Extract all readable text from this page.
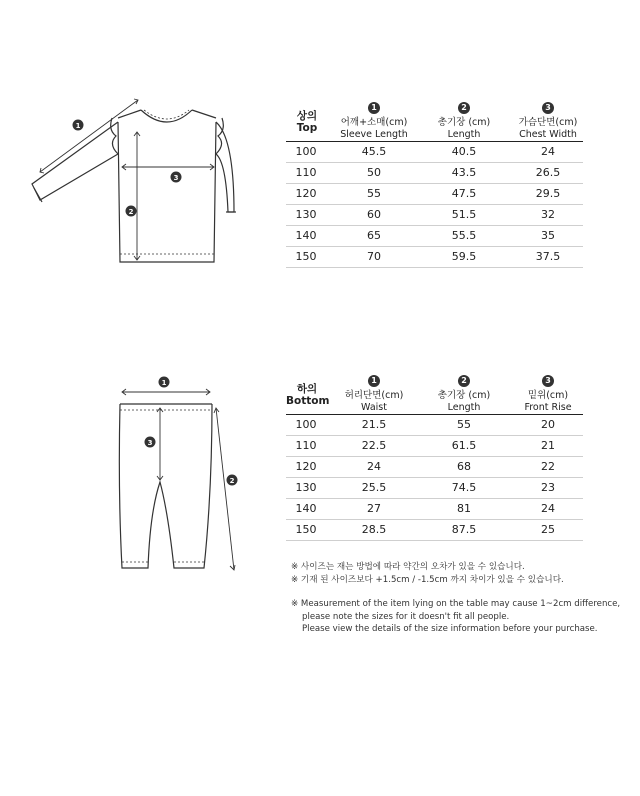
1
3
2
상의
Top
1
어깨+소매(cm)
Sleeve Length
2
총기장 (cm)
Length
3
가슴단면(cm)
Chest Width
100	45.5	40.5	24
110	50	43.5	26.5
120	55	47.5	29.5
130	60	51.5	32
140	65	55.5	35
150	70	59.5	37.5
1
3
2
하의
Bottom
1
허리단면(cm)
Waist
2
총기장 (cm)
Length
3
밑위(cm)
Front Rise
100	21.5	55	20
110	22.5	61.5	21
120	24	68	22
130	25.5	74.5	23
140	27	81	24
150	28.5	87.5	25
※ 사이즈는 재는 방법에 따라 약간의 오차가 있을 수 있습니다.
※ 기재 된 사이즈보다 +1.5cm / -1.5cm 까지 차이가 있을 수 있습니다.
※ Measurement of the item lying on the table may cause 1~2cm difference,
please note the sizes for it doesn't fit all people.
Please view the details of the size information before your purchase.
